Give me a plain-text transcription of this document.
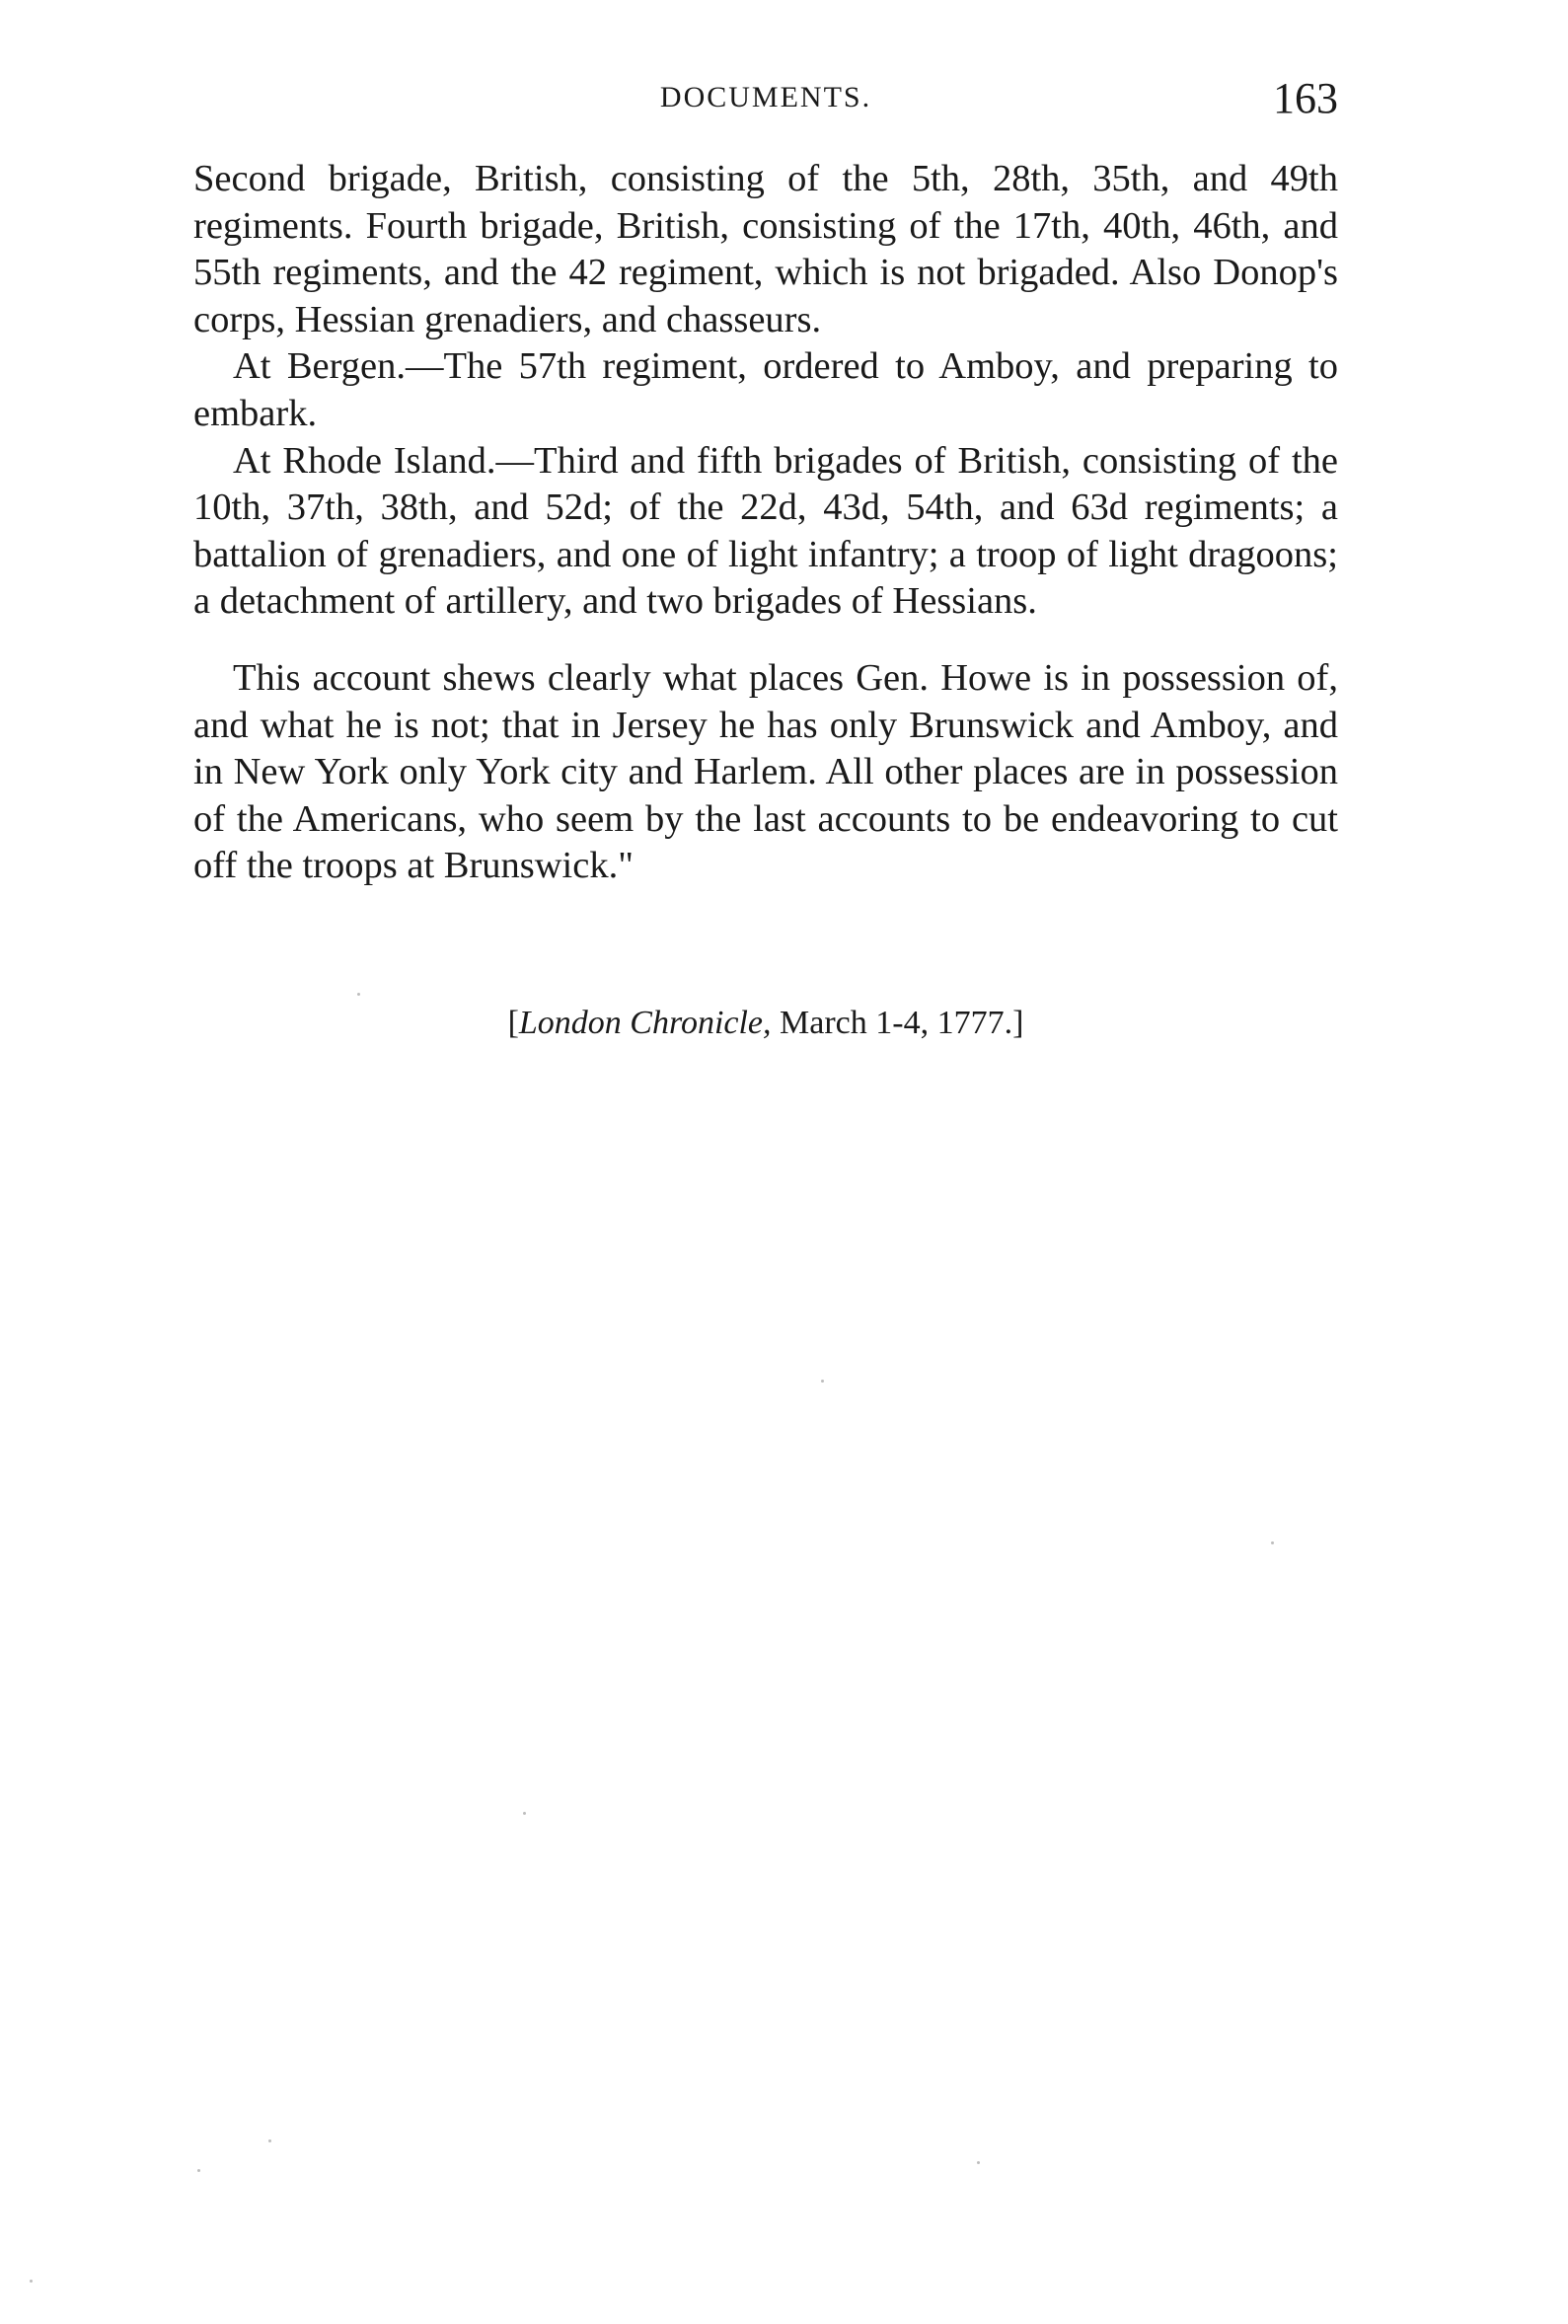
DOCUMENTS.	163

Second brigade, British, consisting of the 5th, 28th, 35th, and 49th regiments. Fourth brigade, British, consisting of the 17th, 40th, 46th, and 55th regiments, and the 42 regiment, which is not brigaded. Also Donop's corps, Hessian grenadiers, and chasseurs.

At Bergen.—The 57th regiment, ordered to Amboy, and preparing to embark.

At Rhode Island.—Third and fifth brigades of British, consisting of the 10th, 37th, 38th, and 52d; of the 22d, 43d, 54th, and 63d regiments; a battalion of grenadiers, and one of light infantry; a troop of light dragoons; a detachment of artillery, and two brigades of Hessians.

This account shews clearly what places Gen. Howe is in possession of, and what he is not; that in Jersey he has only Brunswick and Amboy, and in New York only York city and Harlem. All other places are in possession of the Americans, who seem by the last accounts to be endeavoring to cut off the troops at Brunswick."

[London Chronicle, March 1-4, 1777.]
